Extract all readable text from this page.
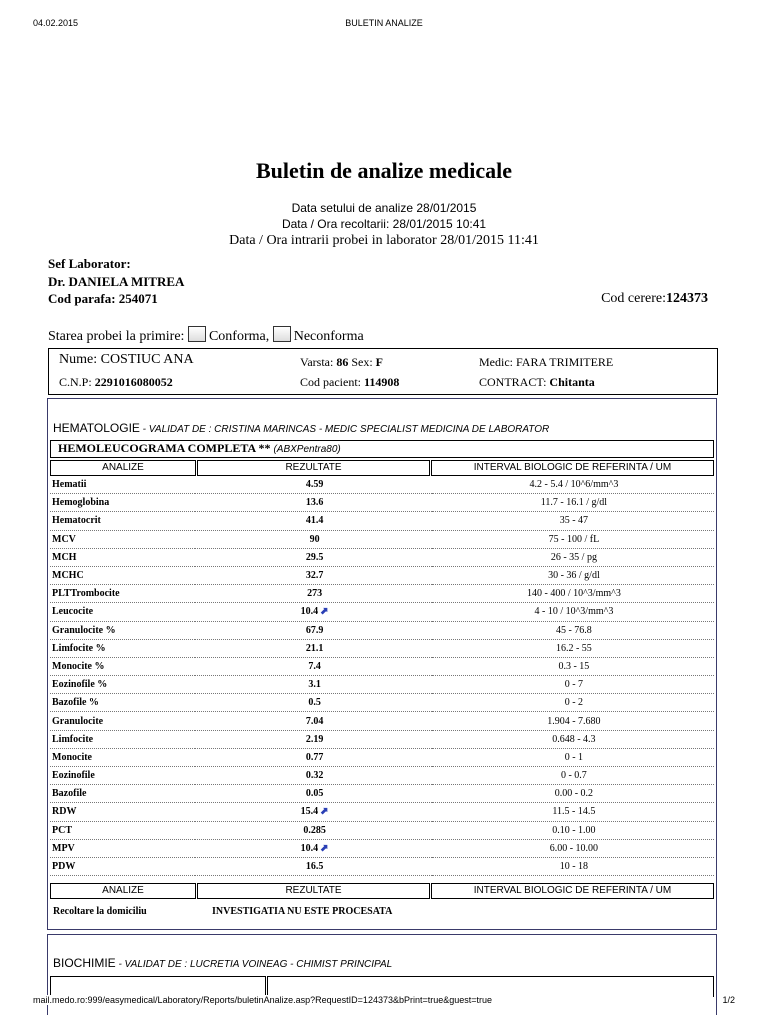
04.02.2015	BULETIN ANALIZE
Buletin de analize medicale
Data setului de analize 28/01/2015
Data / Ora recoltarii: 28/01/2015 10:41
Data / Ora intrarii probei in laborator 28/01/2015 11:41
Sef Laborator:
Dr. DANIELA MITREA
Cod parafa: 254071	Cod cerere:124373
Starea probei la primire: Conforma, Neconforma
Nume: COSTIUC ANA	Varsta: 86 Sex: F	Medic: FARA TRIMITERE
C.N.P: 2291016080052	Cod pacient: 114908	CONTRACT: Chitanta
HEMATOLOGIE - VALIDAT DE : CRISTINA MARINCAS - MEDIC SPECIALIST MEDICINA DE LABORATOR
HEMOLEUCOGRAMA COMPLETA ** (ABXPentra80)
ANALIZE	REZULTATE	INTERVAL BIOLOGIC DE REFERINTA / UM
Hematii	4.59	4.2 - 5.4 / 10^6/mm^3
Hemoglobina	13.6	11.7 - 16.1 / g/dl
Hematocrit	41.4	35 - 47
MCV	90	75 - 100 / fL
MCH	29.5	26 - 35 / pg
MCHC	32.7	30 - 36 / g/dl
PLTTrombocite	273	140 - 400 / 10^3/mm^3
Leucocite	10.4 ⬈	4 - 10 / 10^3/mm^3
Granulocite %	67.9	45 - 76.8
Limfocite %	21.1	16.2 - 55
Monocite %	7.4	0.3 - 15
Eozinofile %	3.1	0 - 7
Bazofile %	0.5	0 - 2
Granulocite	7.04	1.904 - 7.680
Limfocite	2.19	0.648 - 4.3
Monocite	0.77	0 - 1
Eozinofile	0.32	0 - 0.7
Bazofile	0.05	0.00 - 0.2
RDW	15.4 ⬈	11.5 - 14.5
PCT	0.285	0.10 - 1.00
MPV	10.4 ⬈	6.00 - 10.00
PDW	16.5	10 - 18
ANALIZE	REZULTATE	INTERVAL BIOLOGIC DE REFERINTA / UM
Recoltare la domiciliu	INVESTIGATIA NU ESTE PROCESATA
BIOCHIMIE - VALIDAT DE : LUCRETIA VOINEAG - CHIMIST PRINCIPAL
mail.medo.ro:999/easymedical/Laboratory/Reports/buletinAnalize.asp?RequestID=124373&bPrint=true&guest=true	1/2
